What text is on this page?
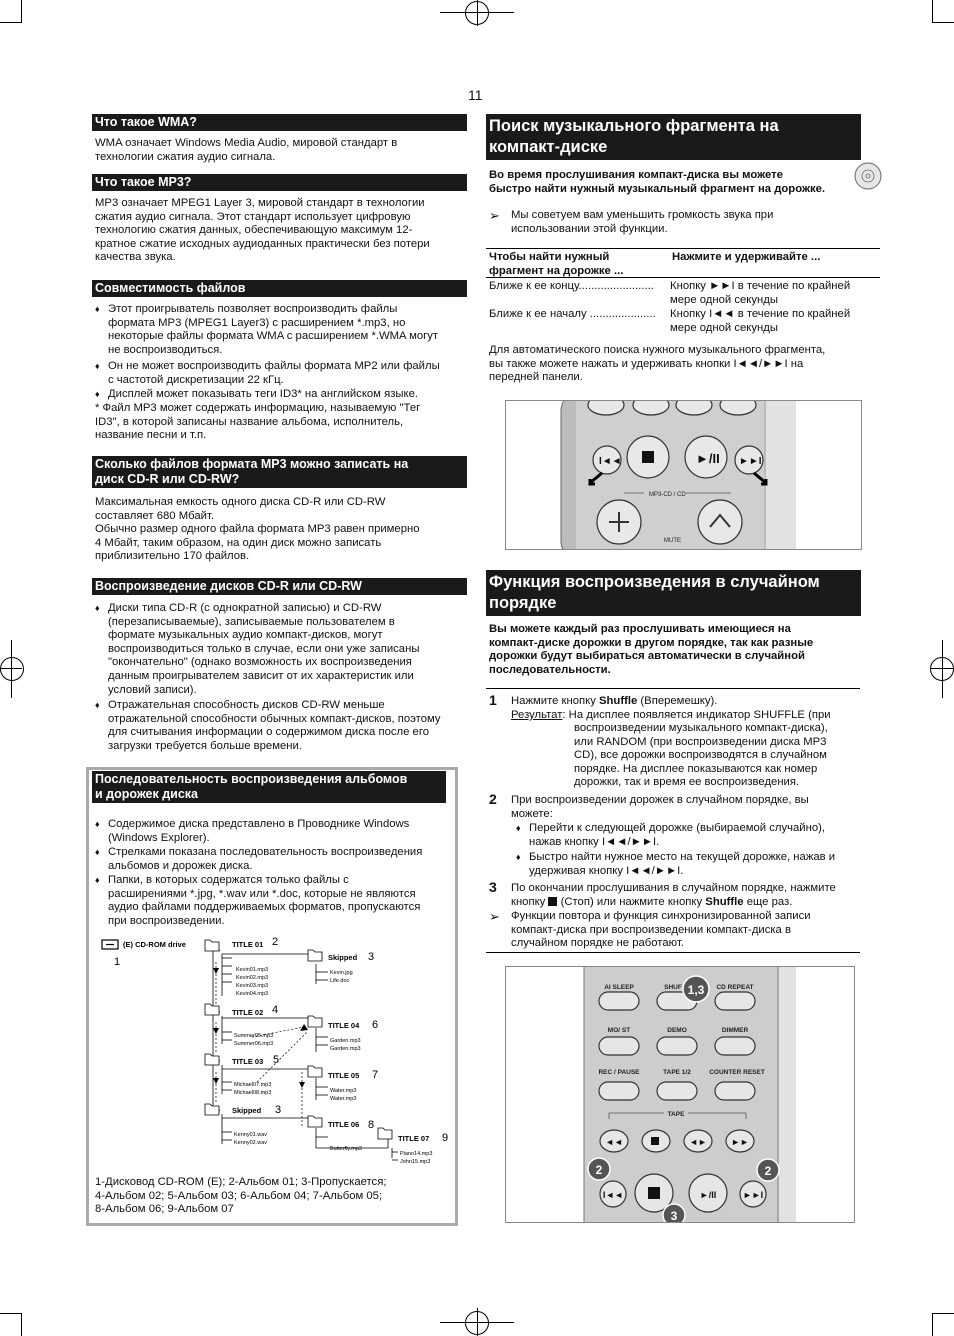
11
Что такое WMA?
WMA означает Windows Media Audio, мировой стандарт в
технологии сжатия аудио сигнала.
Что такое MP3?
MP3 означает MPEG1 Layer 3, мировой стандарт в технологии
сжатия аудио сигнала. Этот стандарт использует цифровую
технологию сжатия данных, обеспечивающую максимум 12-
кратное сжатие исходных аудиоданных практически без потери
качества звука.
Совместимость файлов
♦ Этот проигрыватель позволяет воспроизводить файлы
формата MP3 (MPEG1 Layer3) с расширением *.mp3, но
некоторые файлы формата WMA с расширением *.WMA могут
не воспроизводиться.
♦ Он не может воспроизводить файлы формата MP2 или файлы
с частотой дискретизации 22 кГц.
♦ Дисплей может показывать теги ID3* на английском языке.
* Файл MP3 может содержать информацию, называемую "Тег
ID3", в которой записаны название альбома, исполнитель,
название песни и т.п.
Сколько файлов формата MP3 можно записать на
диск CD-R или CD-RW?
Максимальная емкость одного диска CD-R или CD-RW
составляет 680 Мбайт.
Обычно размер одного файла формата MP3 равен примерно
4 Мбайт, таким образом, на один диск можно записать
приблизительно 170 файлов.
Воспроизведение дисков CD-R или CD-RW
♦ Диски типа CD-R (с однократной записью) и CD-RW
(перезаписываемые), записываемые пользователем в
формате музыкальных аудио компакт-дисков, могут
воспроизводиться только в случае, если они уже записаны
"окончательно" (однако возможность их воспроизведения
данным проигрывателем зависит от их характеристик или
условий записи).
♦ Отражательная способность дисков CD-RW меньше
отражательной способности обычных компакт-дисков, поэтому
для считывания информации о содержимом диска после его
загрузки требуется больше времени.
Последовательность воспроизведения альбомов
и дорожек диска
♦ Содержимое диска представлено в Проводнике Windows
(Windows Explorer).
♦ Стрелками показана последовательность воспроизведения
альбомов и дорожек диска.
♦ Папки, в которых содержатся только файлы с
расширениями *.jpg, *.wav или *.doc, которые не являются
аудио файлами поддерживаемых форматов, пропускаются
при воспроизведении.
(E) CD-ROM drive
1
TITLE 01 2
Kevin01.mp3
Kevin02.mp3
Kevin03.mp3
Kevin04.mp3
Skipped 3
Kevin.jpg
Life.doc
TITLE 02 4
Summer05.mp3
Summer06.mp3
TITLE 04 6
Garden.mp3
Garden.mp3
TITLE 03 5
Michael07.mp3
Michael08.mp3
TITLE 05 7
Water.mp3
Water.mp3
Skipped 3
Kenny01.wav
Kenny02.wav
TITLE 06 8
Butterfly.mp3
TITLE 07 9
Piano14.mp3
John15.mp3
1-Дисковод CD-ROM (E); 2-Альбом 01; 3-Пропускается;
4-Альбом 02; 5-Альбом 03; 6-Альбом 04; 7-Альбом 05;
8-Альбом 06; 9-Альбом 07
Поиск музыкального фрагмента на
компакт-диске
Во время прослушивания компакт-диска вы можете
быстро найти нужный музыкальный фрагмент на дорожке.
➢ Мы советуем вам уменьшить громкость звука при
использовании этой функции.
Чтобы найти нужный
фрагмент на дорожке ...
Нажмите и удерживайте ...
Ближе к ее концу........................ Кнопку ►►I в течение по крайней
мере одной секунды
Ближе к ее началу ..................... Кнопку I◄◄ в течение по крайней
мере одной секунды
Для автоматического поиска нужного музыкального фрагмента,
вы также можете нажать и удерживать кнопки I◄◄/►►I на
передней панели.
►/II
I◄◄	►►I
MP3-CD / CD
MUTE
Функция воспроизведения в случайном
порядке
Вы можете каждый раз прослушивать имеющиеся на
компакт-диске дорожки в другом порядке, так как разные
дорожки будут выбираться автоматически в случайной
последовательности.
1 Нажмите кнопку Shuffle (Вперемешку).
Результат: На дисплее появляется индикатор SHUFFLE (при
воспроизведении музыкального компакт-диска),
или RANDOM (при воспроизведении диска MP3
CD), все дорожки воспроизводятся в случайном
порядке. На дисплее показываются как номер
дорожки, так и время ее воспроизведения.
2 При воспроизведении дорожек в случайном порядке, вы
можете:
♦ Перейти к следующей дорожке (выбираемой случайно),
нажав кнопку I◄◄/►►I.
♦ Быстро найти нужное место на текущей дорожке, нажав и
удерживая кнопку I◄◄/►►I.
3 По окончании прослушивания в случайном порядке, нажмите
кнопку  (Стоп) или нажмите кнопку Shuffle еще раз.
➢ Функции повтора и функция синхронизированной записи
компакт-диска при воспроизведении компакт-диска в
случайном порядке не работают.
AI SLEEP	SHUF	CD REPEAT
MO/ ST	DEMO	DIMMER
REC / PAUSE	TAPE 1/2	COUNTER RESET
TAPE
◄◄	◄►	►►
I◄◄	►/II	►►I
1,3
2	2
3
